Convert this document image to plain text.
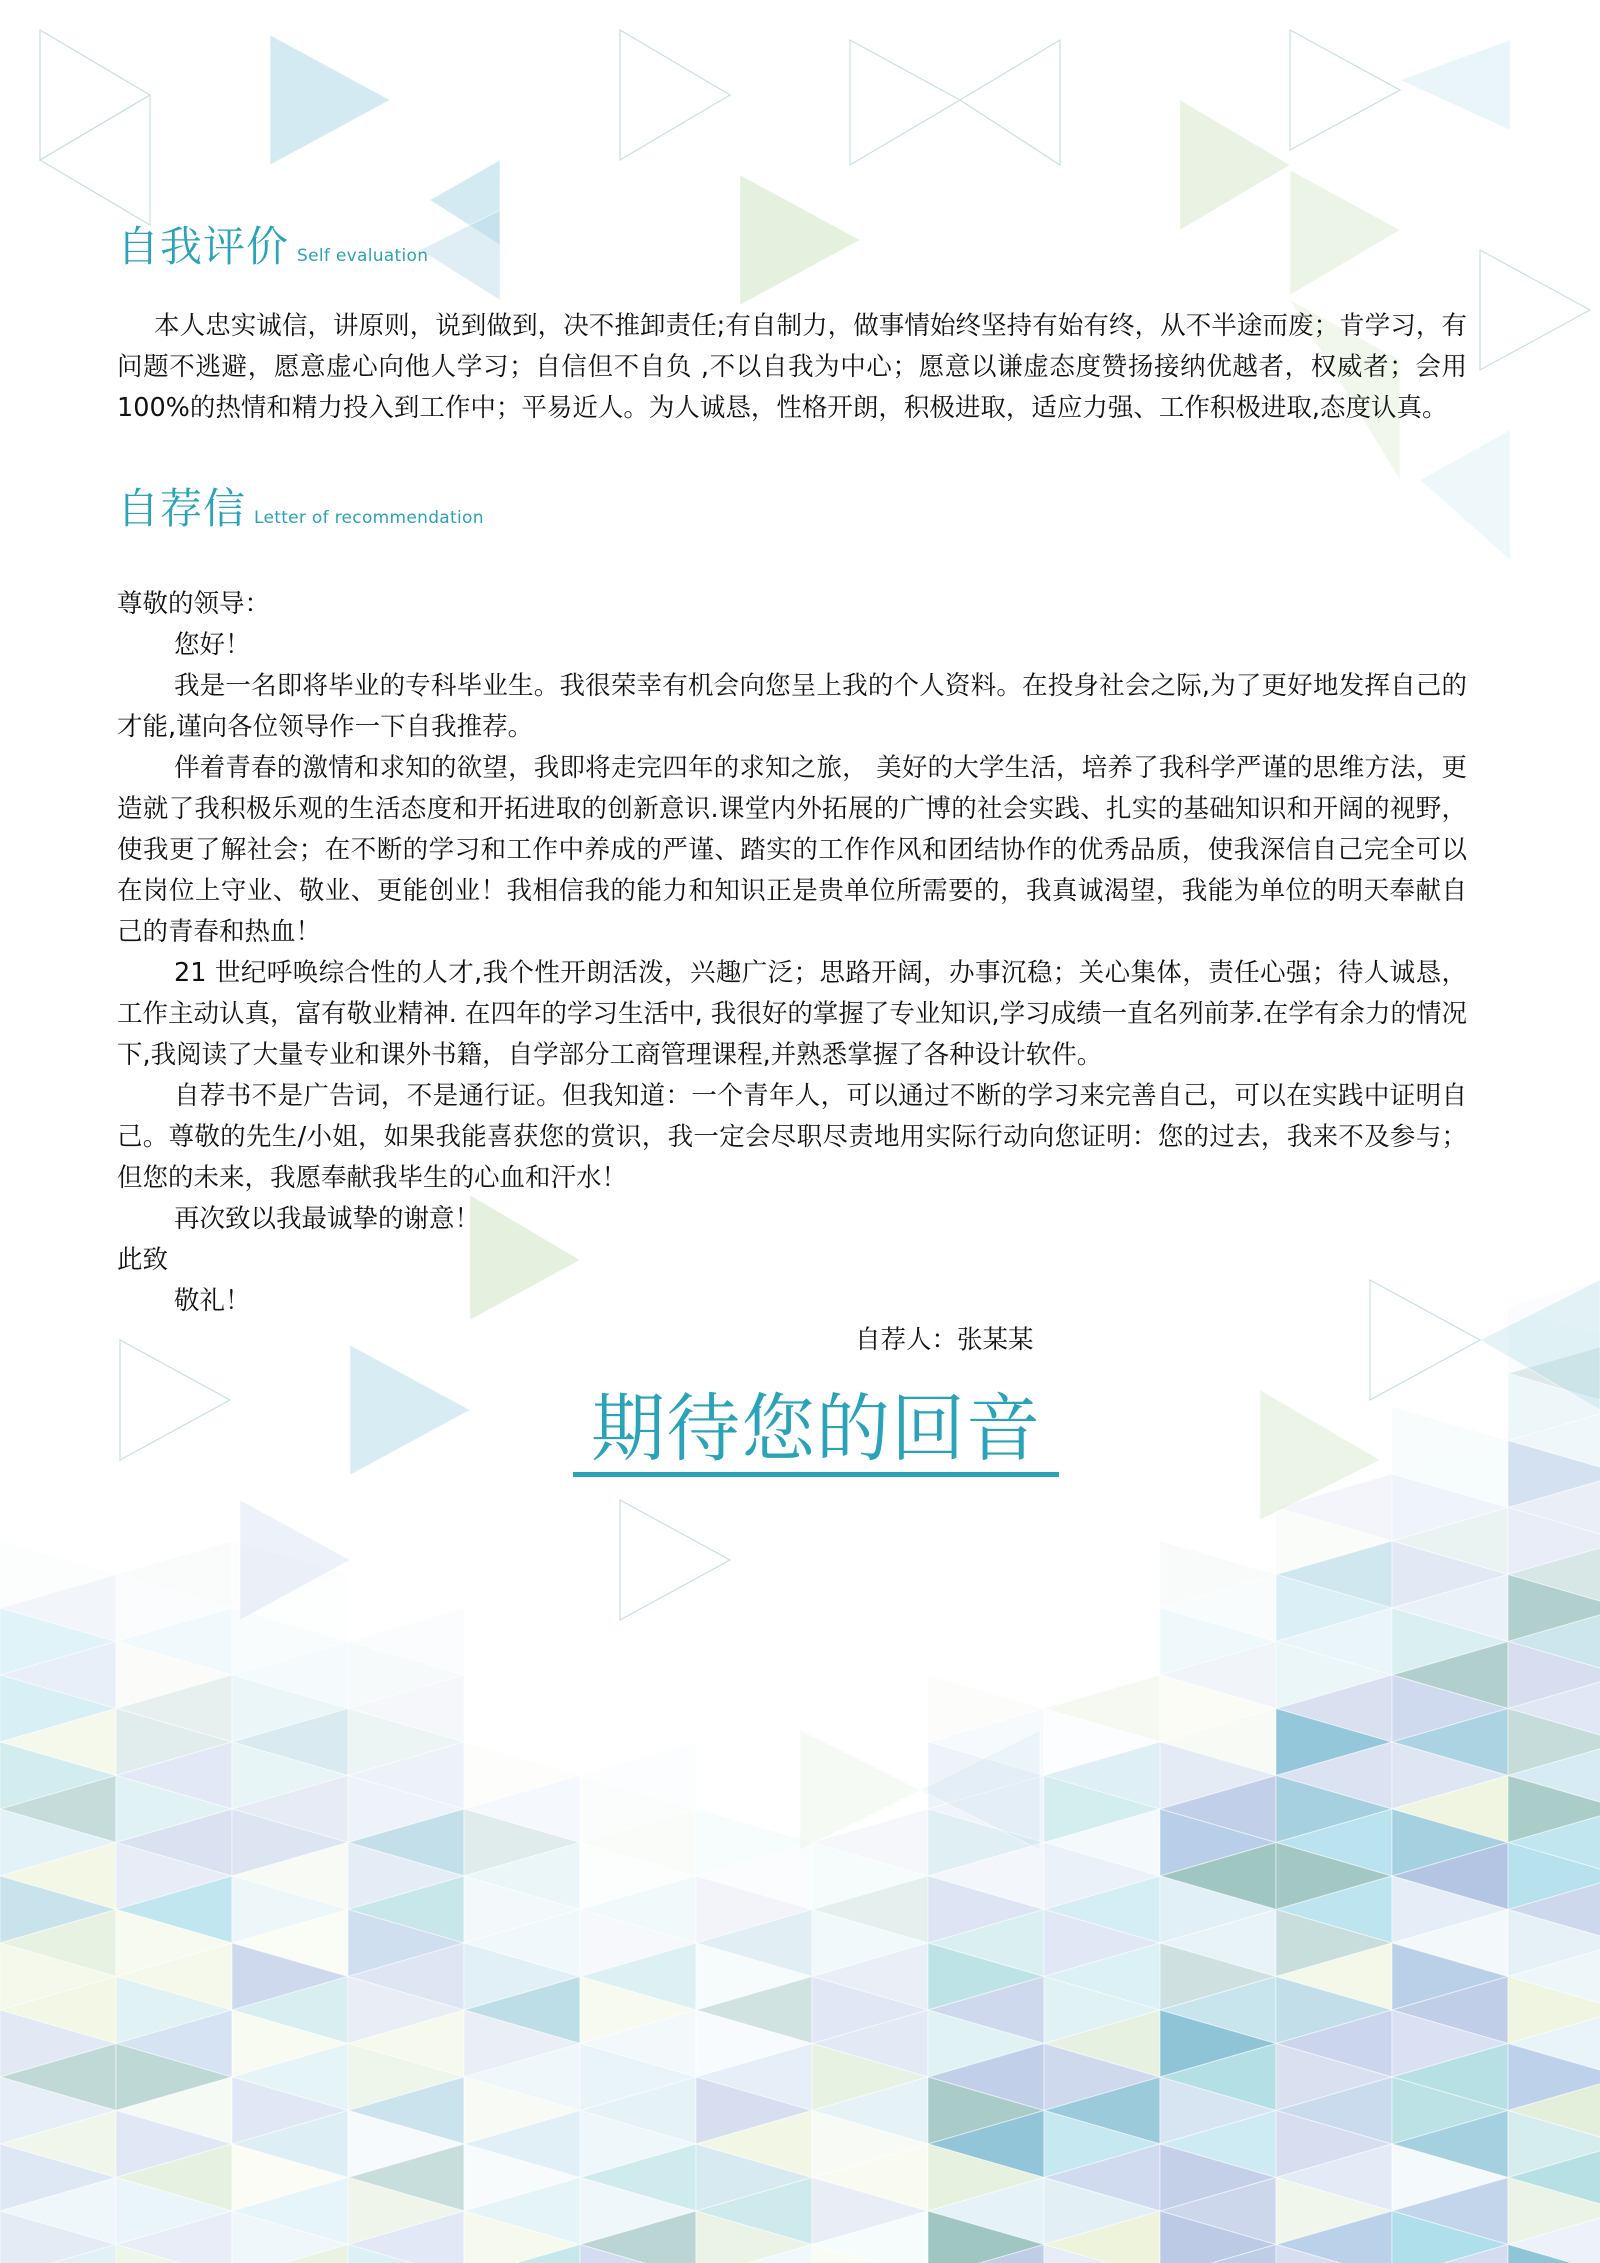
自我评价 Self evaluation

本人忠实诚信，讲原则，说到做到，决不推卸责任;有自制力，做事情始终坚持有始有终，从不半途而废；肯学习，有问题不逃避，愿意虚心向他人学习；自信但不自负 ,不以自我为中心；愿意以谦虚态度赞扬接纳优越者，权威者；会用 100%的热情和精力投入到工作中；平易近人。为人诚恳，性格开朗，积极进取，适应力强、工作积极进取,态度认真。

自荐信 Letter of recommendation

尊敬的领导：

您好！

我是一名即将毕业的专科毕业生。我很荣幸有机会向您呈上我的个人资料。在投身社会之际,为了更好地发挥自己的才能,谨向各位领导作一下自我推荐。

伴着青春的激情和求知的欲望，我即将走完四年的求知之旅， 美好的大学生活，培养了我科学严谨的思维方法，更造就了我积极乐观的生活态度和开拓进取的创新意识.课堂内外拓展的广博的社会实践、扎实的基础知识和开阔的视野，使我更了解社会；在不断的学习和工作中养成的严谨、踏实的工作作风和团结协作的优秀品质，使我深信自己完全可以在岗位上守业、敬业、更能创业！我相信我的能力和知识正是贵单位所需要的，我真诚渴望，我能为单位的明天奉献自己的青春和热血！

21 世纪呼唤综合性的人才,我个性开朗活泼，兴趣广泛；思路开阔，办事沉稳；关心集体，责任心强；待人诚恳，工作主动认真，富有敬业精神. 在四年的学习生活中, 我很好的掌握了专业知识,学习成绩一直名列前茅.在学有余力的情况下,我阅读了大量专业和课外书籍，自学部分工商管理课程,并熟悉掌握了各种设计软件。

自荐书不是广告词，不是通行证。但我知道：一个青年人，可以通过不断的学习来完善自己，可以在实践中证明自己。尊敬的先生/小姐，如果我能喜获您的赏识，我一定会尽职尽责地用实际行动向您证明：您的过去，我来不及参与；但您的未来，我愿奉献我毕生的心血和汗水！

再次致以我最诚挚的谢意！

此致

敬礼！

自荐人：张某某
期待您的回音
